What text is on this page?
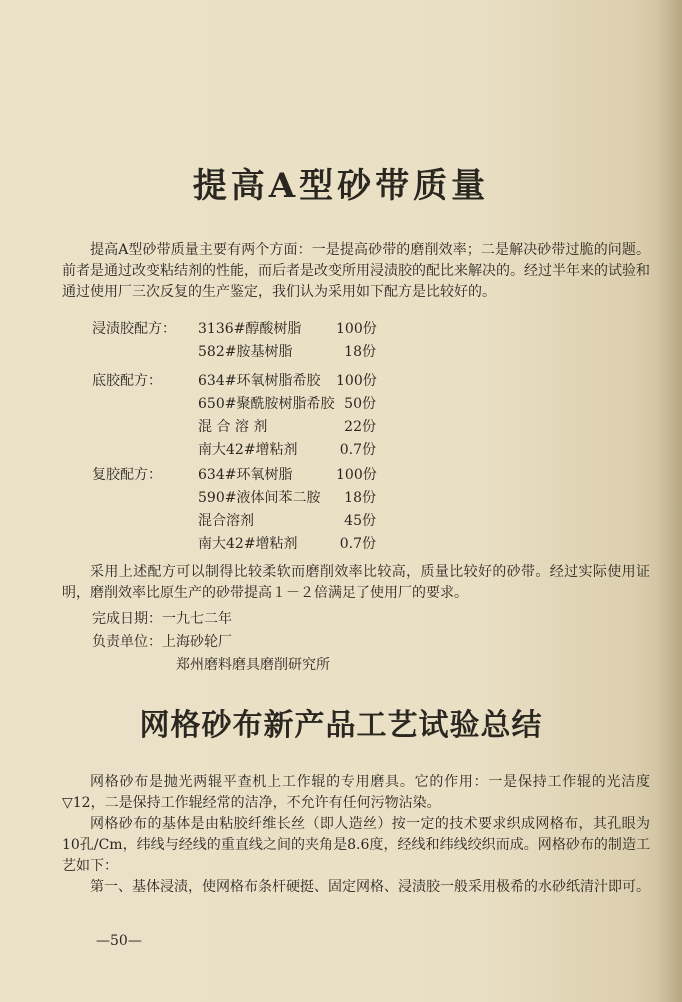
提高A型砂带质量

提高A型砂带质量主要有两个方面：一是提高砂带的磨削效率；二是解决砂带过脆的问题。前者是通过改变粘结剂的性能，而后者是改变所用浸渍胶的配比来解决的。经过半年来的试验和通过使用厂三次反复的生产鉴定，我们认为采用如下配方是比较好的。

浸渍胶配方： 3136#醇酸树脂 100份
582#胺基树脂	18份
底胶配方：	634#环氧树脂希胶 100份
650#聚酰胺树脂希胶 50份
混 合 溶 剂	22份
南大42#增粘剂	0.7份
复胶配方：	634#环氧树脂	100份
590#液体间苯二胺	18份
混合溶剂	45份
南大42#增粘剂	0.7份

采用上述配方可以制得比较柔软而磨削效率比较高，质量比较好的砂带。经过实际使用证明，磨削效率比原生产的砂带提高１－２倍满足了使用厂的要求。

完成日期：一九七二年
负责单位：上海砂轮厂
郑州磨料磨具磨削研究所
网格砂布新产品工艺试验总结

网格砂布是抛光两辊平查机上工作辊的专用磨具。它的作用：一是保持工作辊的光洁度▽12，二是保持工作辊经常的洁净，不允许有任何污物沾染。

网格砂布的基体是由粘胶纤维长丝（即人造丝）按一定的技术要求织成网格布，其孔眼为10孔/Cm，纬线与经线的重直线之间的夹角是8.6度，经线和纬线绞织而成。网格砂布的制造工艺如下：

第一、基体浸渍，使网格布条杆硬挺、固定网格、浸渍胶一般采用极希的水砂纸清汁即可。

—50—
